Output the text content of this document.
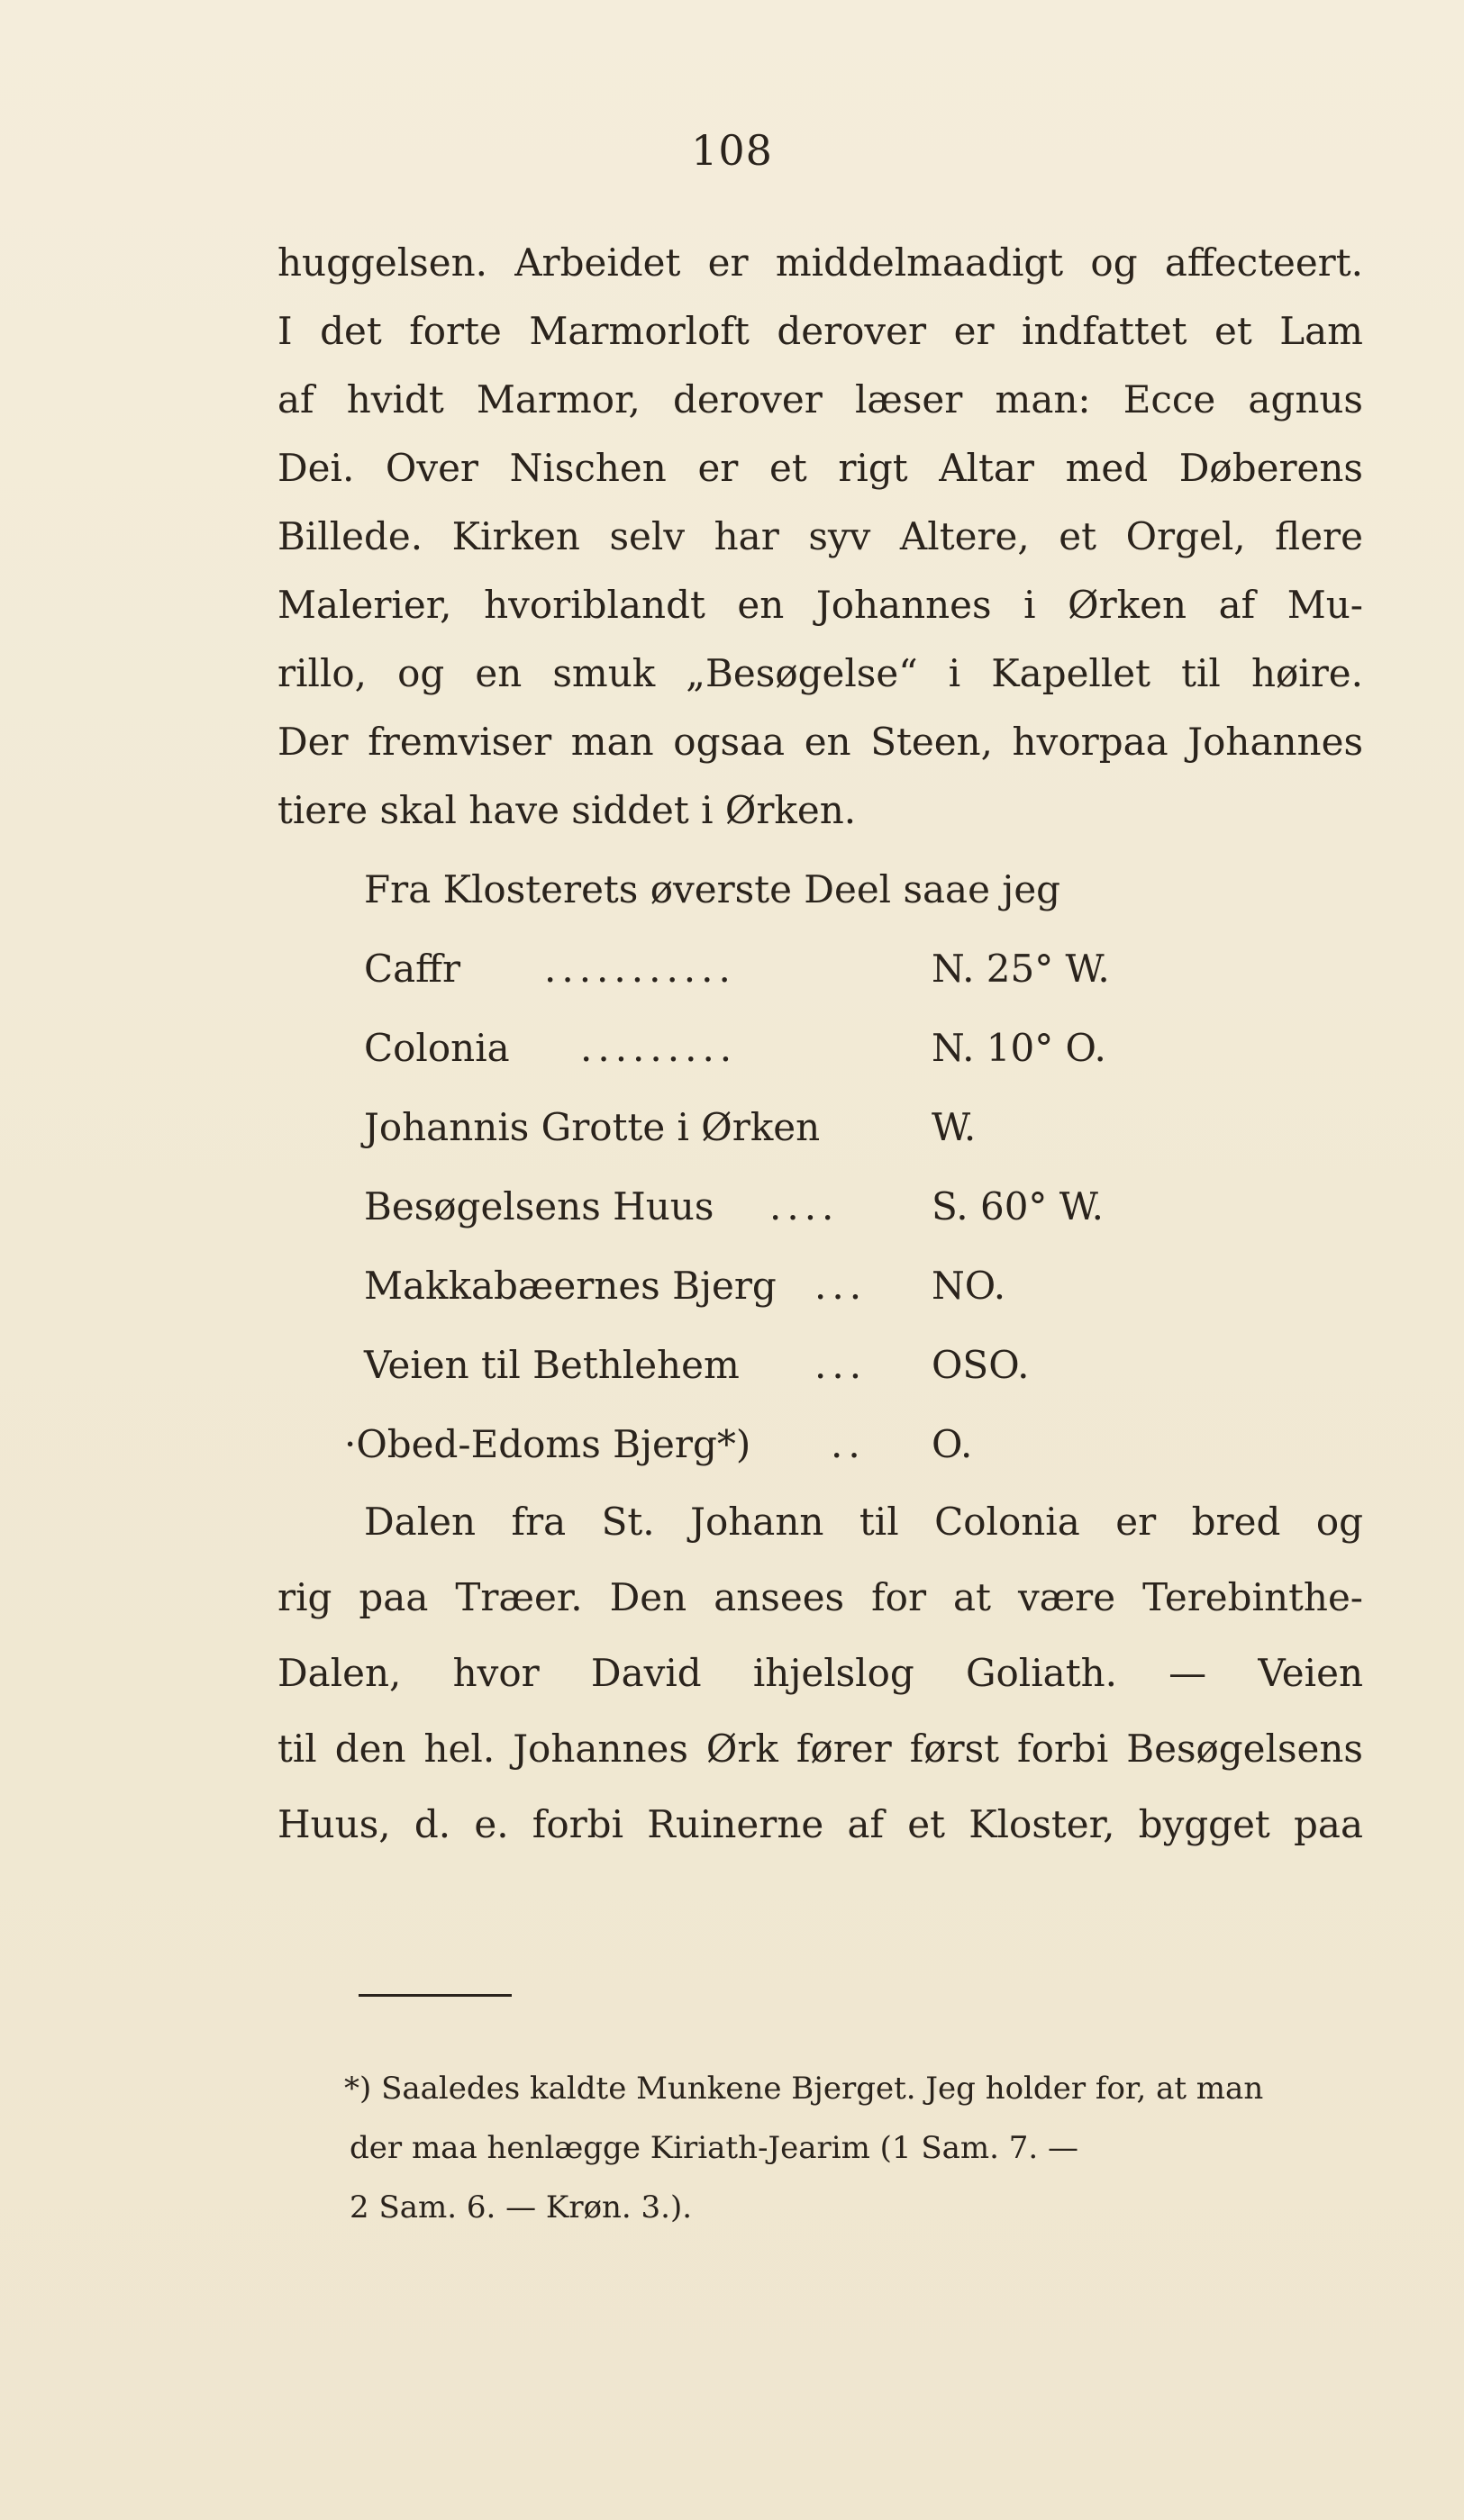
108
huggelsen. Arbeidet er middelmaadigt og affecteert.
I det forte Marmorloft derover er indfattet et Lam
af hvidt Marmor, derover læser man: Ecce agnus
Dei. Over Nischen er et rigt Altar med Døberens
Billede. Kirken selv har syv Altere, et Orgel, flere
Malerier, hvoriblandt en Johannes i Ørken af Mu-
rillo, og en smuk „Besøgelse“ i Kapellet til høire.
Der fremviser man ogsaa en Steen, hvorpaa Johannes
tiere skal have siddet i Ørken.
Fra Klosterets øverste Deel saae jeg
Caffr ...........	N. 25° W.
Colonia .........	N. 10° O.
Johannis Grotte i Ørken	W.
Besøgelsens Huus .... S. 60° W.
Makkabæernes Bjerg ... NO.
Veien til Bethlehem ... OSO.
·Obed-Edoms Bjerg*) .. O.
Dalen fra St. Johann til Colonia er bred og
rig paa Træer. Den ansees for at være Terebinthe-
Dalen, hvor David ihjelslog Goliath. — Veien
til den hel. Johannes Ørk fører først forbi Besøgelsens
Huus, d. e. forbi Ruinerne af et Kloster, bygget paa
*) Saaledes kaldte Munkene Bjerget. Jeg holder for, at man
der maa henlægge Kiriath-Jearim (1 Sam. 7. —
2 Sam. 6. — Krøn. 3.).
